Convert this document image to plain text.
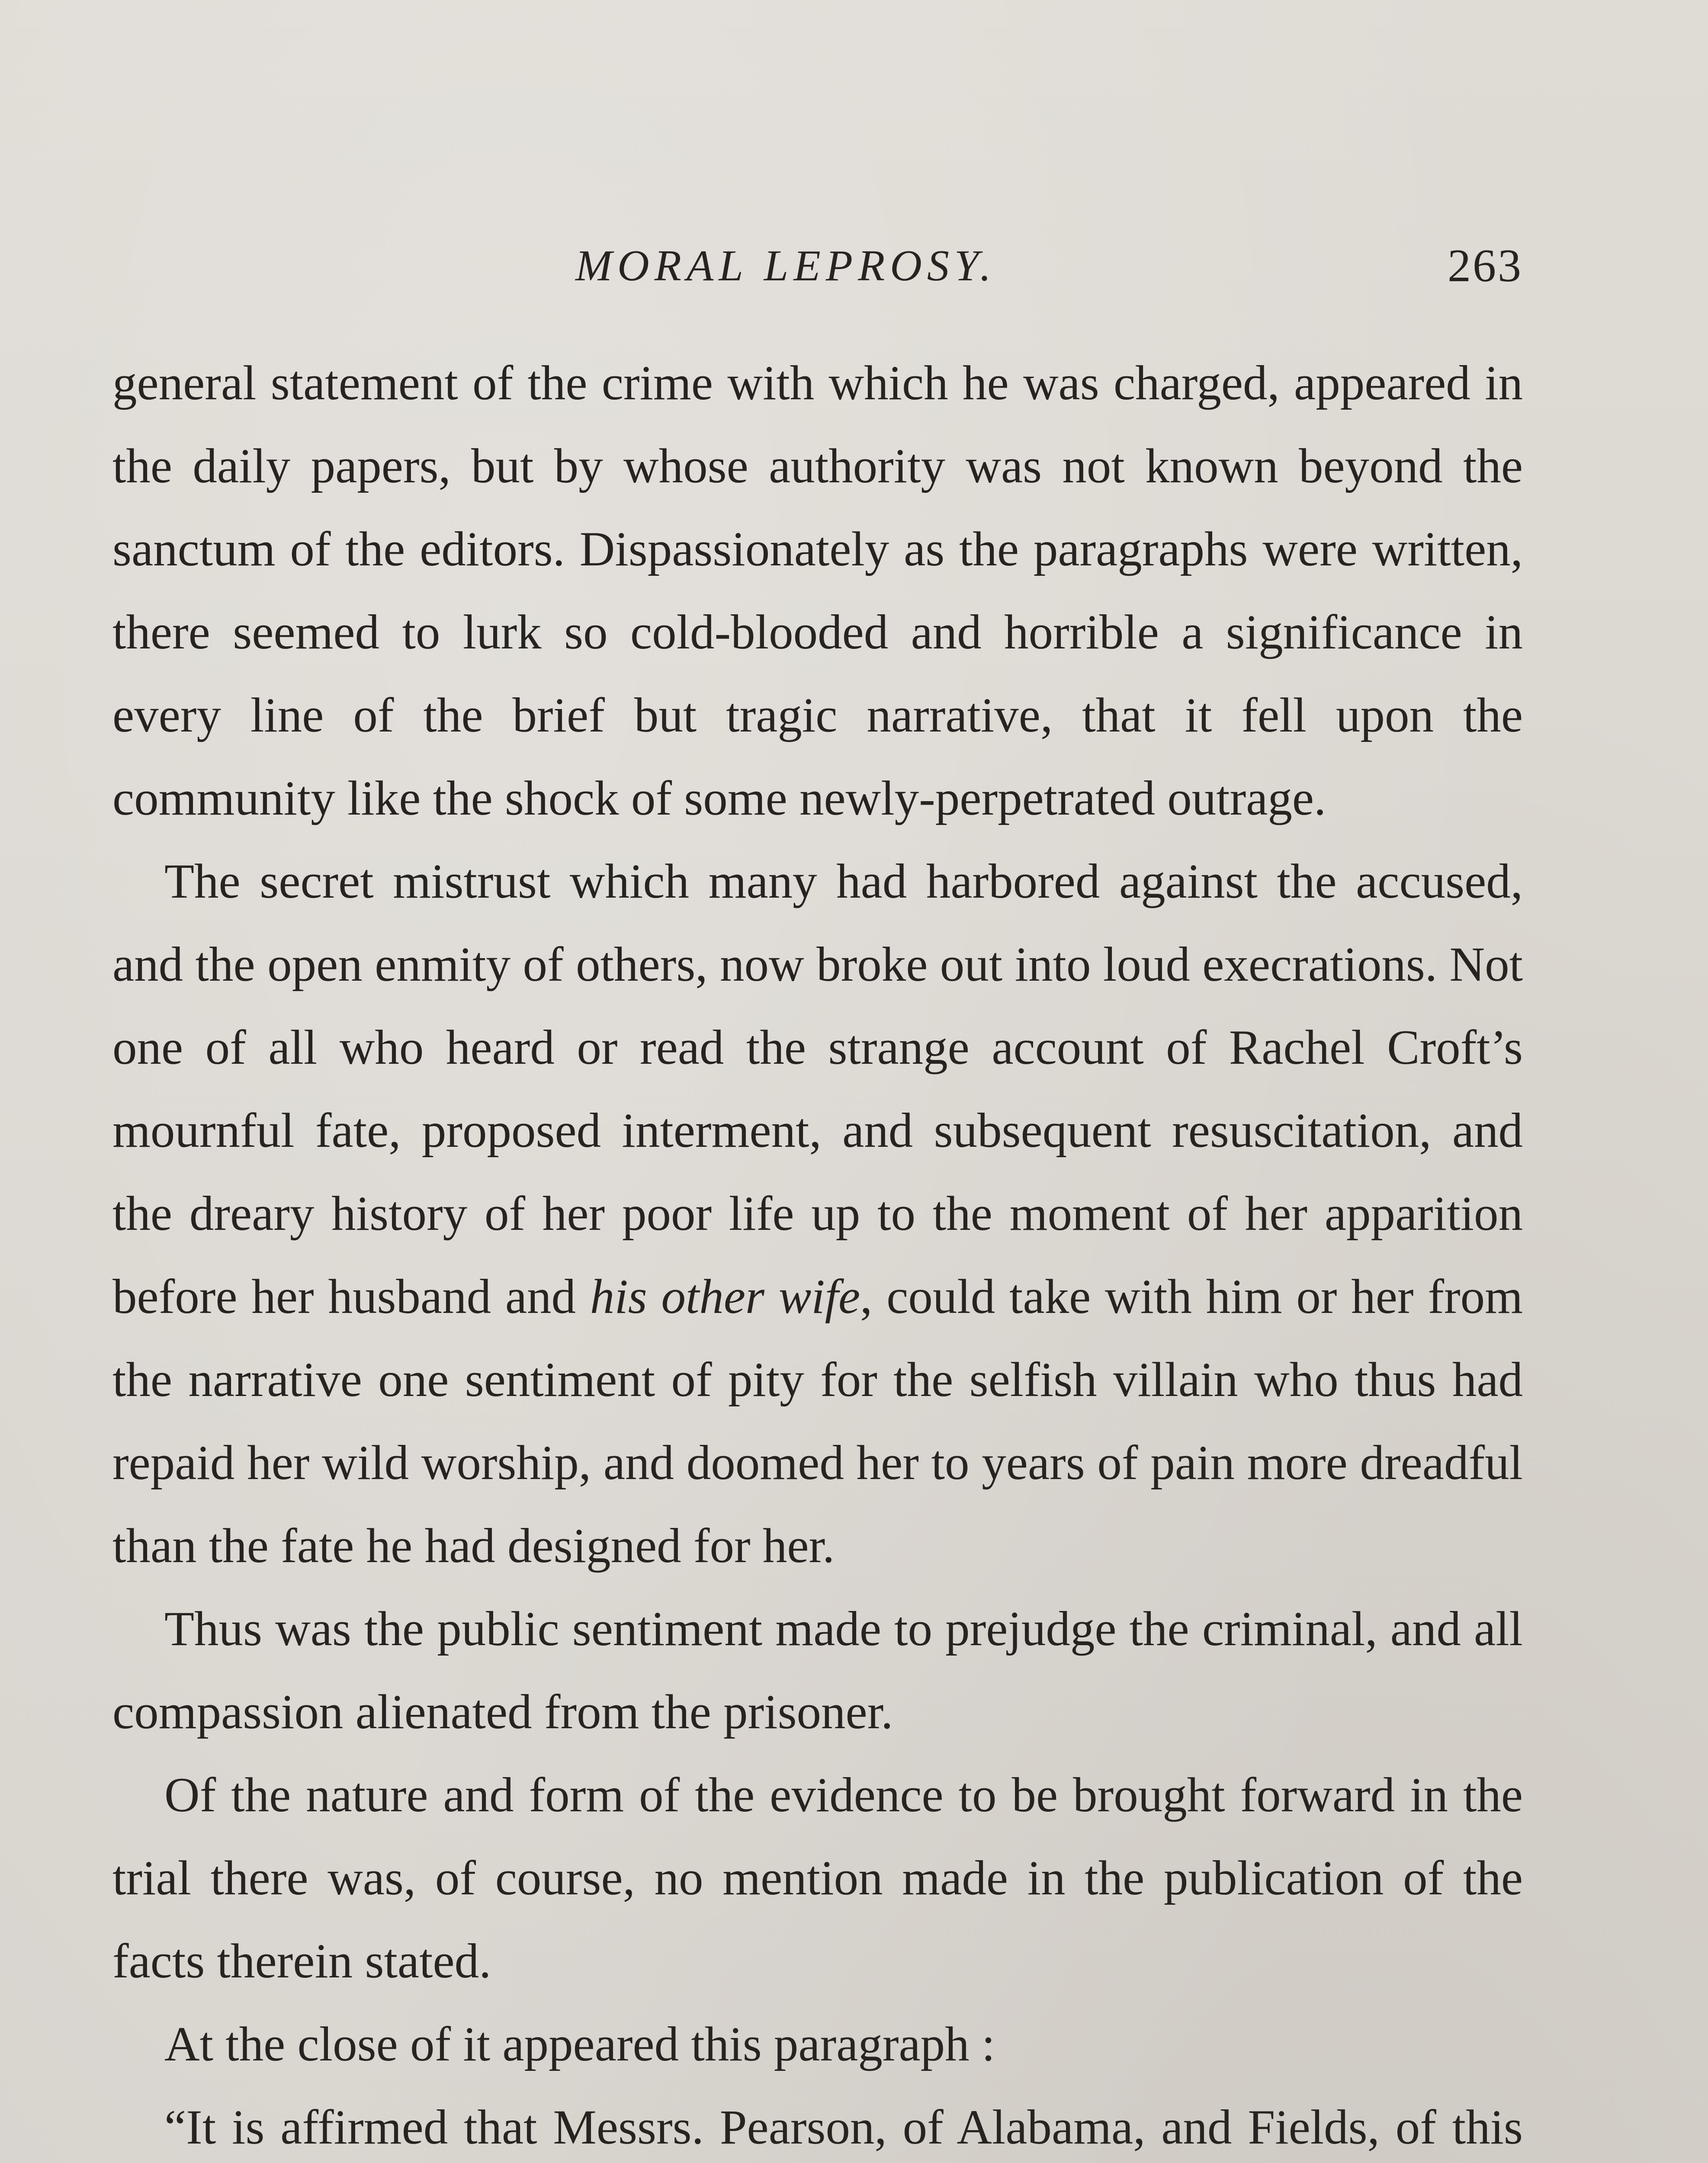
MORAL LEPROSY.	263

general statement of the crime with which he was charged, appeared in the daily papers, but by whose authority was not known beyond the sanctum of the editors. Dispassionately as the paragraphs were written, there seemed to lurk so cold-blooded and horrible a significance in every line of the brief but tragic narrative, that it fell upon the community like the shock of some newly-perpetrated outrage.

The secret mistrust which many had harbored against the accused, and the open enmity of others, now broke out into loud execrations. Not one of all who heard or read the strange account of Rachel Croft’s mournful fate, proposed interment, and subsequent resuscitation, and the dreary history of her poor life up to the moment of her apparition before her husband and his other wife, could take with him or her from the narrative one sentiment of pity for the selfish villain who thus had repaid her wild worship, and doomed her to years of pain more dreadful than the fate he had designed for her.

Thus was the public sentiment made to prejudge the criminal, and all compassion alienated from the prisoner.

Of the nature and form of the evidence to be brought forward in the trial there was, of course, no mention made in the publication of the facts therein stated.

At the close of it appeared this paragraph :

“It is affirmed that Messrs. Pearson, of Alabama, and Fields, of this
